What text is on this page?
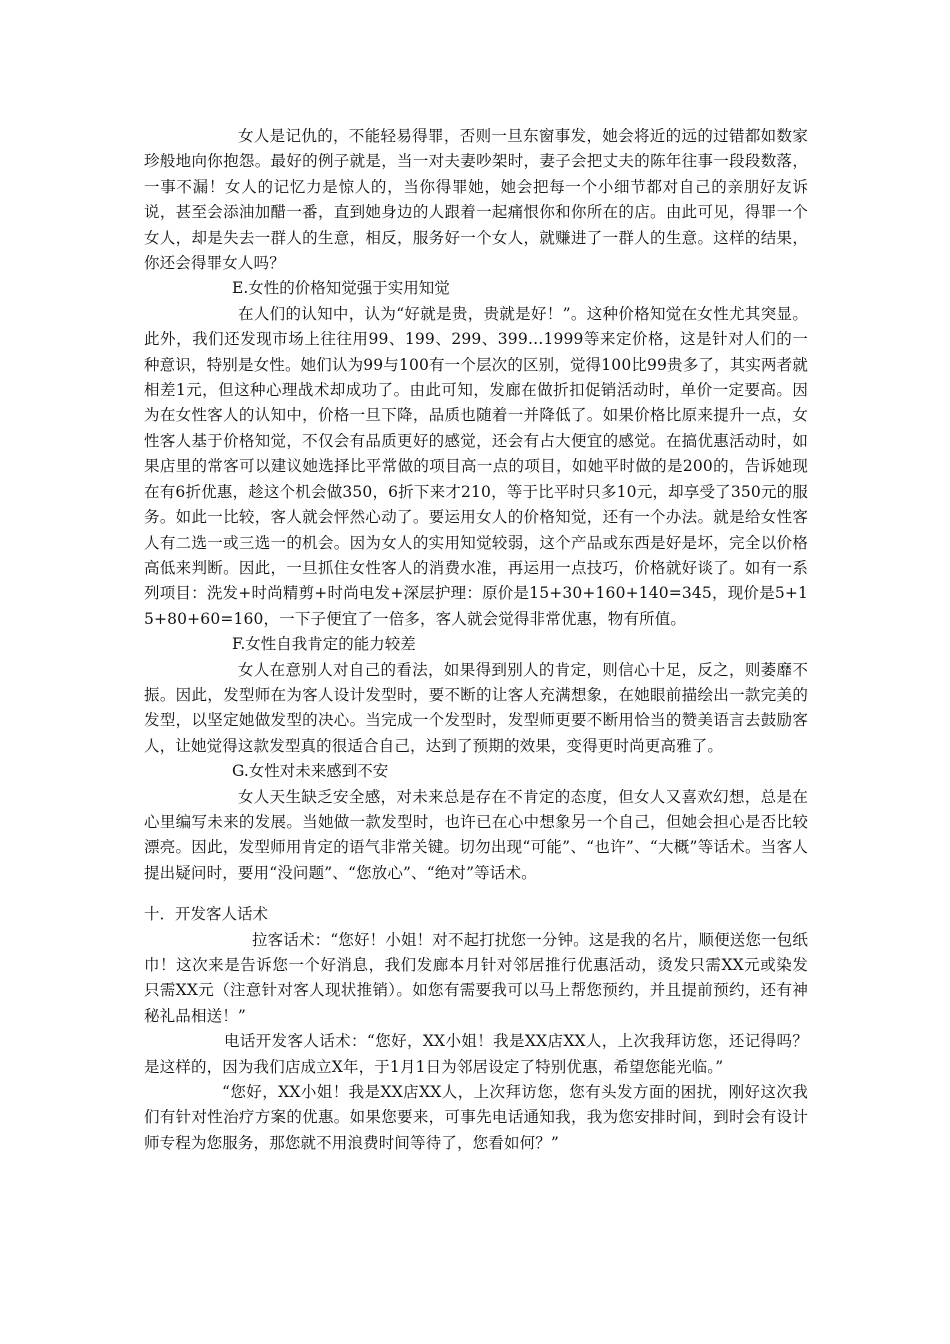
女人是记仇的，不能轻易得罪，否则一旦东窗事发，她会将近的远的过错都如数家珍般地向你抱怨。最好的例子就是，当一对夫妻吵架时，妻子会把丈夫的陈年往事一段段数落，一事不漏！女人的记忆力是惊人的，当你得罪她，她会把每一个小细节都对自己的亲朋好友诉说，甚至会添油加醋一番，直到她身边的人跟着一起痛恨你和你所在的店。由此可见，得罪一个女人，却是失去一群人的生意，相反，服务好一个女人，就赚进了一群人的生意。这样的结果，你还会得罪女人吗？

E.女性的价格知觉强于实用知觉

在人们的认知中，认为“好就是贵，贵就是好！”。这种价格知觉在女性尤其突显。此外，我们还发现市场上往往用99、199、299、399…1999等来定价格，这是针对人们的一种意识，特别是女性。她们认为99与100有一个层次的区别，觉得100比99贵多了，其实两者就相差1元，但这种心理战术却成功了。由此可知，发廊在做折扣促销活动时，单价一定要高。因为在女性客人的认知中，价格一旦下降，品质也随着一并降低了。如果价格比原来提升一点，女性客人基于价格知觉，不仅会有品质更好的感觉，还会有占大便宜的感觉。在搞优惠活动时，如果店里的常客可以建议她选择比平常做的项目高一点的项目，如她平时做的是200的，告诉她现在有6折优惠，趁这个机会做350，6折下来才210，等于比平时只多10元，却享受了350元的服务。如此一比较，客人就会怦然心动了。要运用女人的价格知觉，还有一个办法。就是给女性客人有二选一或三选一的机会。因为女人的实用知觉较弱，这个产品或东西是好是坏，完全以价格高低来判断。因此，一旦抓住女性客人的消费水准，再运用一点技巧，价格就好谈了。如有一系列项目：洗发+时尚精剪+时尚电发+深层护理：原价是15+30+160+140=345，现价是5+15+80+60=160，一下子便宜了一倍多，客人就会觉得非常优惠，物有所值。

F.女性自我肯定的能力较差

女人在意别人对自己的看法，如果得到别人的肯定，则信心十足，反之，则萎靡不振。因此，发型师在为客人设计发型时，要不断的让客人充满想象，在她眼前描绘出一款完美的发型，以坚定她做发型的决心。当完成一个发型时，发型师更要不断用恰当的赞美语言去鼓励客人，让她觉得这款发型真的很适合自己，达到了预期的效果，变得更时尚更高雅了。

G.女性对未来感到不安

女人天生缺乏安全感，对未来总是存在不肯定的态度，但女人又喜欢幻想，总是在心里编写未来的发展。当她做一款发型时，也许已在心中想象另一个自己，但她会担心是否比较漂亮。因此，发型师用肯定的语气非常关键。切勿出现“可能”、“也许”、“大概”等话术。当客人提出疑问时，要用“没问题”、“您放心”、“绝对”等话术。

十．开发客人话术

拉客话术：“您好！小姐！对不起打扰您一分钟。这是我的名片，顺便送您一包纸巾！这次来是告诉您一个好消息，我们发廊本月针对邻居推行优惠活动，烫发只需XX元或染发只需XX元（注意针对客人现状推销）。如您有需要我可以马上帮您预约，并且提前预约，还有神秘礼品相送！”

电话开发客人话术：“您好，XX小姐！我是XX店XX人，上次我拜访您，还记得吗？是这样的，因为我们店成立X年，于1月1日为邻居设定了特别优惠，希望您能光临。”

“您好，XX小姐！我是XX店XX人，上次拜访您，您有头发方面的困扰，刚好这次我们有针对性治疗方案的优惠。如果您要来，可事先电话通知我，我为您安排时间，到时会有设计师专程为您服务，那您就不用浪费时间等待了，您看如何？”
